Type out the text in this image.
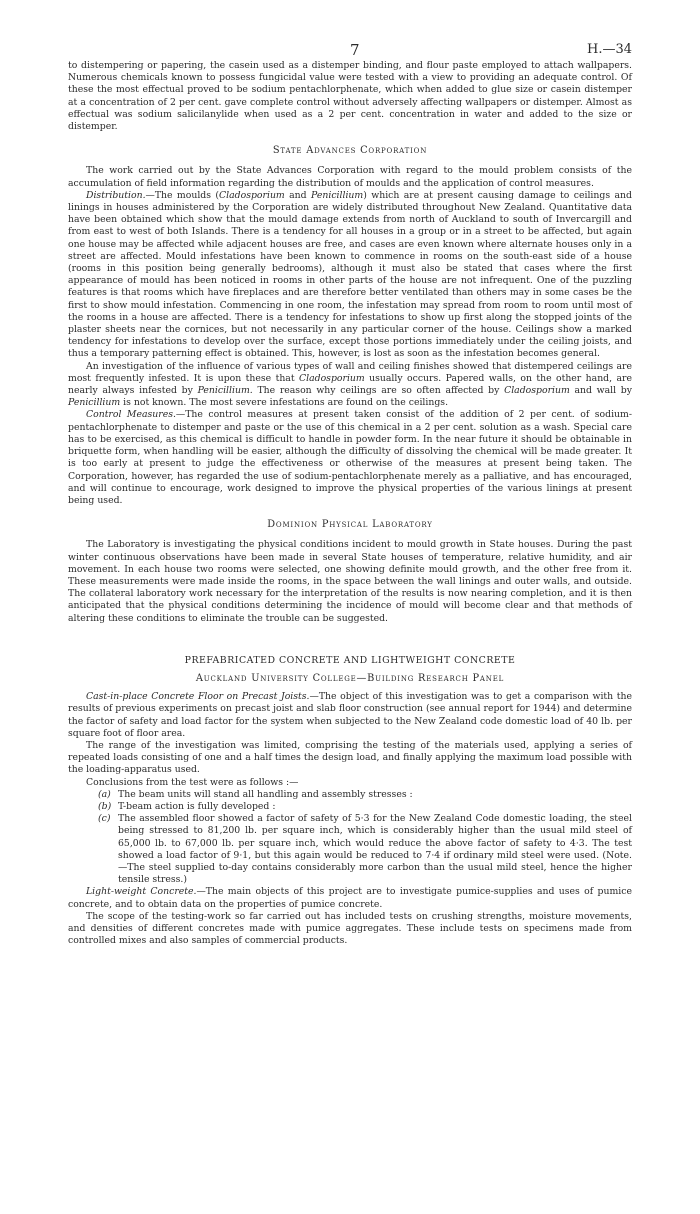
7	H.—34

to distempering or papering, the casein used as a distemper binding, and flour paste employed to attach wallpapers. Numerous chemicals known to possess fungicidal value were tested with a view to providing an adequate control. Of these the most effectual proved to be sodium pentachlorphenate, which when added to glue size or casein distemper at a concentration of 2 per cent. gave complete control without adversely affecting wallpapers or distemper. Almost as effectual was sodium salicilanylide when used as a 2 per cent. concentration in water and added to the size or distemper.

State Advances Corporation

The work carried out by the State Advances Corporation with regard to the mould problem consists of the accumulation of field information regarding the distribution of moulds and the application of control measures.

Distribution.—The moulds (Cladosporium and Penicillium) which are at present causing damage to ceilings and linings in houses administered by the Corporation are widely distributed throughout New Zealand. Quantitative data have been obtained which show that the mould damage extends from north of Auckland to south of Invercargill and from east to west of both Islands. There is a tendency for all houses in a group or in a street to be affected, but again one house may be affected while adjacent houses are free, and cases are even known where alternate houses only in a street are affected. Mould infestations have been known to commence in rooms on the south-east side of a house (rooms in this position being generally bedrooms), although it must also be stated that cases where the first appearance of mould has been noticed in rooms in other parts of the house are not infrequent. One of the puzzling features is that rooms which have fireplaces and are therefore better ventilated than others may in some cases be the first to show mould infestation. Commencing in one room, the infestation may spread from room to room until most of the rooms in a house are affected. There is a tendency for infestations to show up first along the stopped joints of the plaster sheets near the cornices, but not necessarily in any particular corner of the house. Ceilings show a marked tendency for infestations to develop over the surface, except those portions immediately under the ceiling joists, and thus a temporary patterning effect is obtained. This, however, is lost as soon as the infestation becomes general.

An investigation of the influence of various types of wall and ceiling finishes showed that distempered ceilings are most frequently infested. It is upon these that Cladosporium usually occurs. Papered walls, on the other hand, are nearly always infested by Penicillium. The reason why ceilings are so often affected by Cladosporium and wall by Penicillium is not known. The most severe infestations are found on the ceilings.

Control Measures.—The control measures at present taken consist of the addition of 2 per cent. of sodium-pentachlorphenate to distemper and paste or the use of this chemical in a 2 per cent. solution as a wash. Special care has to be exercised, as this chemical is difficult to handle in powder form. In the near future it should be obtainable in briquette form, when handling will be easier, although the difficulty of dissolving the chemical will be made greater. It is too early at present to judge the effectiveness or otherwise of the measures at present being taken. The Corporation, however, has regarded the use of sodium-pentachlorphenate merely as a palliative, and has encouraged, and will continue to encourage, work designed to improve the physical properties of the various linings at present being used.

Dominion Physical Laboratory

The Laboratory is investigating the physical conditions incident to mould growth in State houses. During the past winter continuous observations have been made in several State houses of temperature, relative humidity, and air movement. In each house two rooms were selected, one showing definite mould growth, and the other free from it. These measurements were made inside the rooms, in the space between the wall linings and outer walls, and outside. The collateral laboratory work necessary for the interpretation of the results is now nearing completion, and it is then anticipated that the physical conditions determining the incidence of mould will become clear and that methods of altering these conditions to eliminate the trouble can be suggested.

PREFABRICATED CONCRETE AND LIGHTWEIGHT CONCRETE
Auckland University College—Building Research Panel

Cast-in-place Concrete Floor on Precast Joists.—The object of this investigation was to get a comparison with the results of previous experiments on precast joist and slab floor construction (see annual report for 1944) and determine the factor of safety and load factor for the system when subjected to the New Zealand code domestic load of 40 lb. per square foot of floor area.

The range of the investigation was limited, comprising the testing of the materials used, applying a series of repeated loads consisting of one and a half times the design load, and finally applying the maximum load possible with the loading-apparatus used.

Conclusions from the test were as follows :—

(a) The beam units will stand all handling and assembly stresses :
(b) T-beam action is fully developed :
(c) The assembled floor showed a factor of safety of 5·3 for the New Zealand Code domestic loading, the steel being stressed to 81,200 lb. per square inch, which is considerably higher than the usual mild steel of 65,000 lb. to 67,000 lb. per square inch, which would reduce the above factor of safety to 4·3. The test showed a load factor of 9·1, but this again would be reduced to 7·4 if ordinary mild steel were used. (Note.—The steel supplied to-day contains considerably more carbon than the usual mild steel, hence the higher tensile stress.)

Light-weight Concrete.—The main objects of this project are to investigate pumice-supplies and uses of pumice concrete, and to obtain data on the properties of pumice concrete.

The scope of the testing-work so far carried out has included tests on crushing strengths, moisture movements, and densities of different concretes made with pumice aggregates. These include tests on specimens made from controlled mixes and also samples of commercial products.
